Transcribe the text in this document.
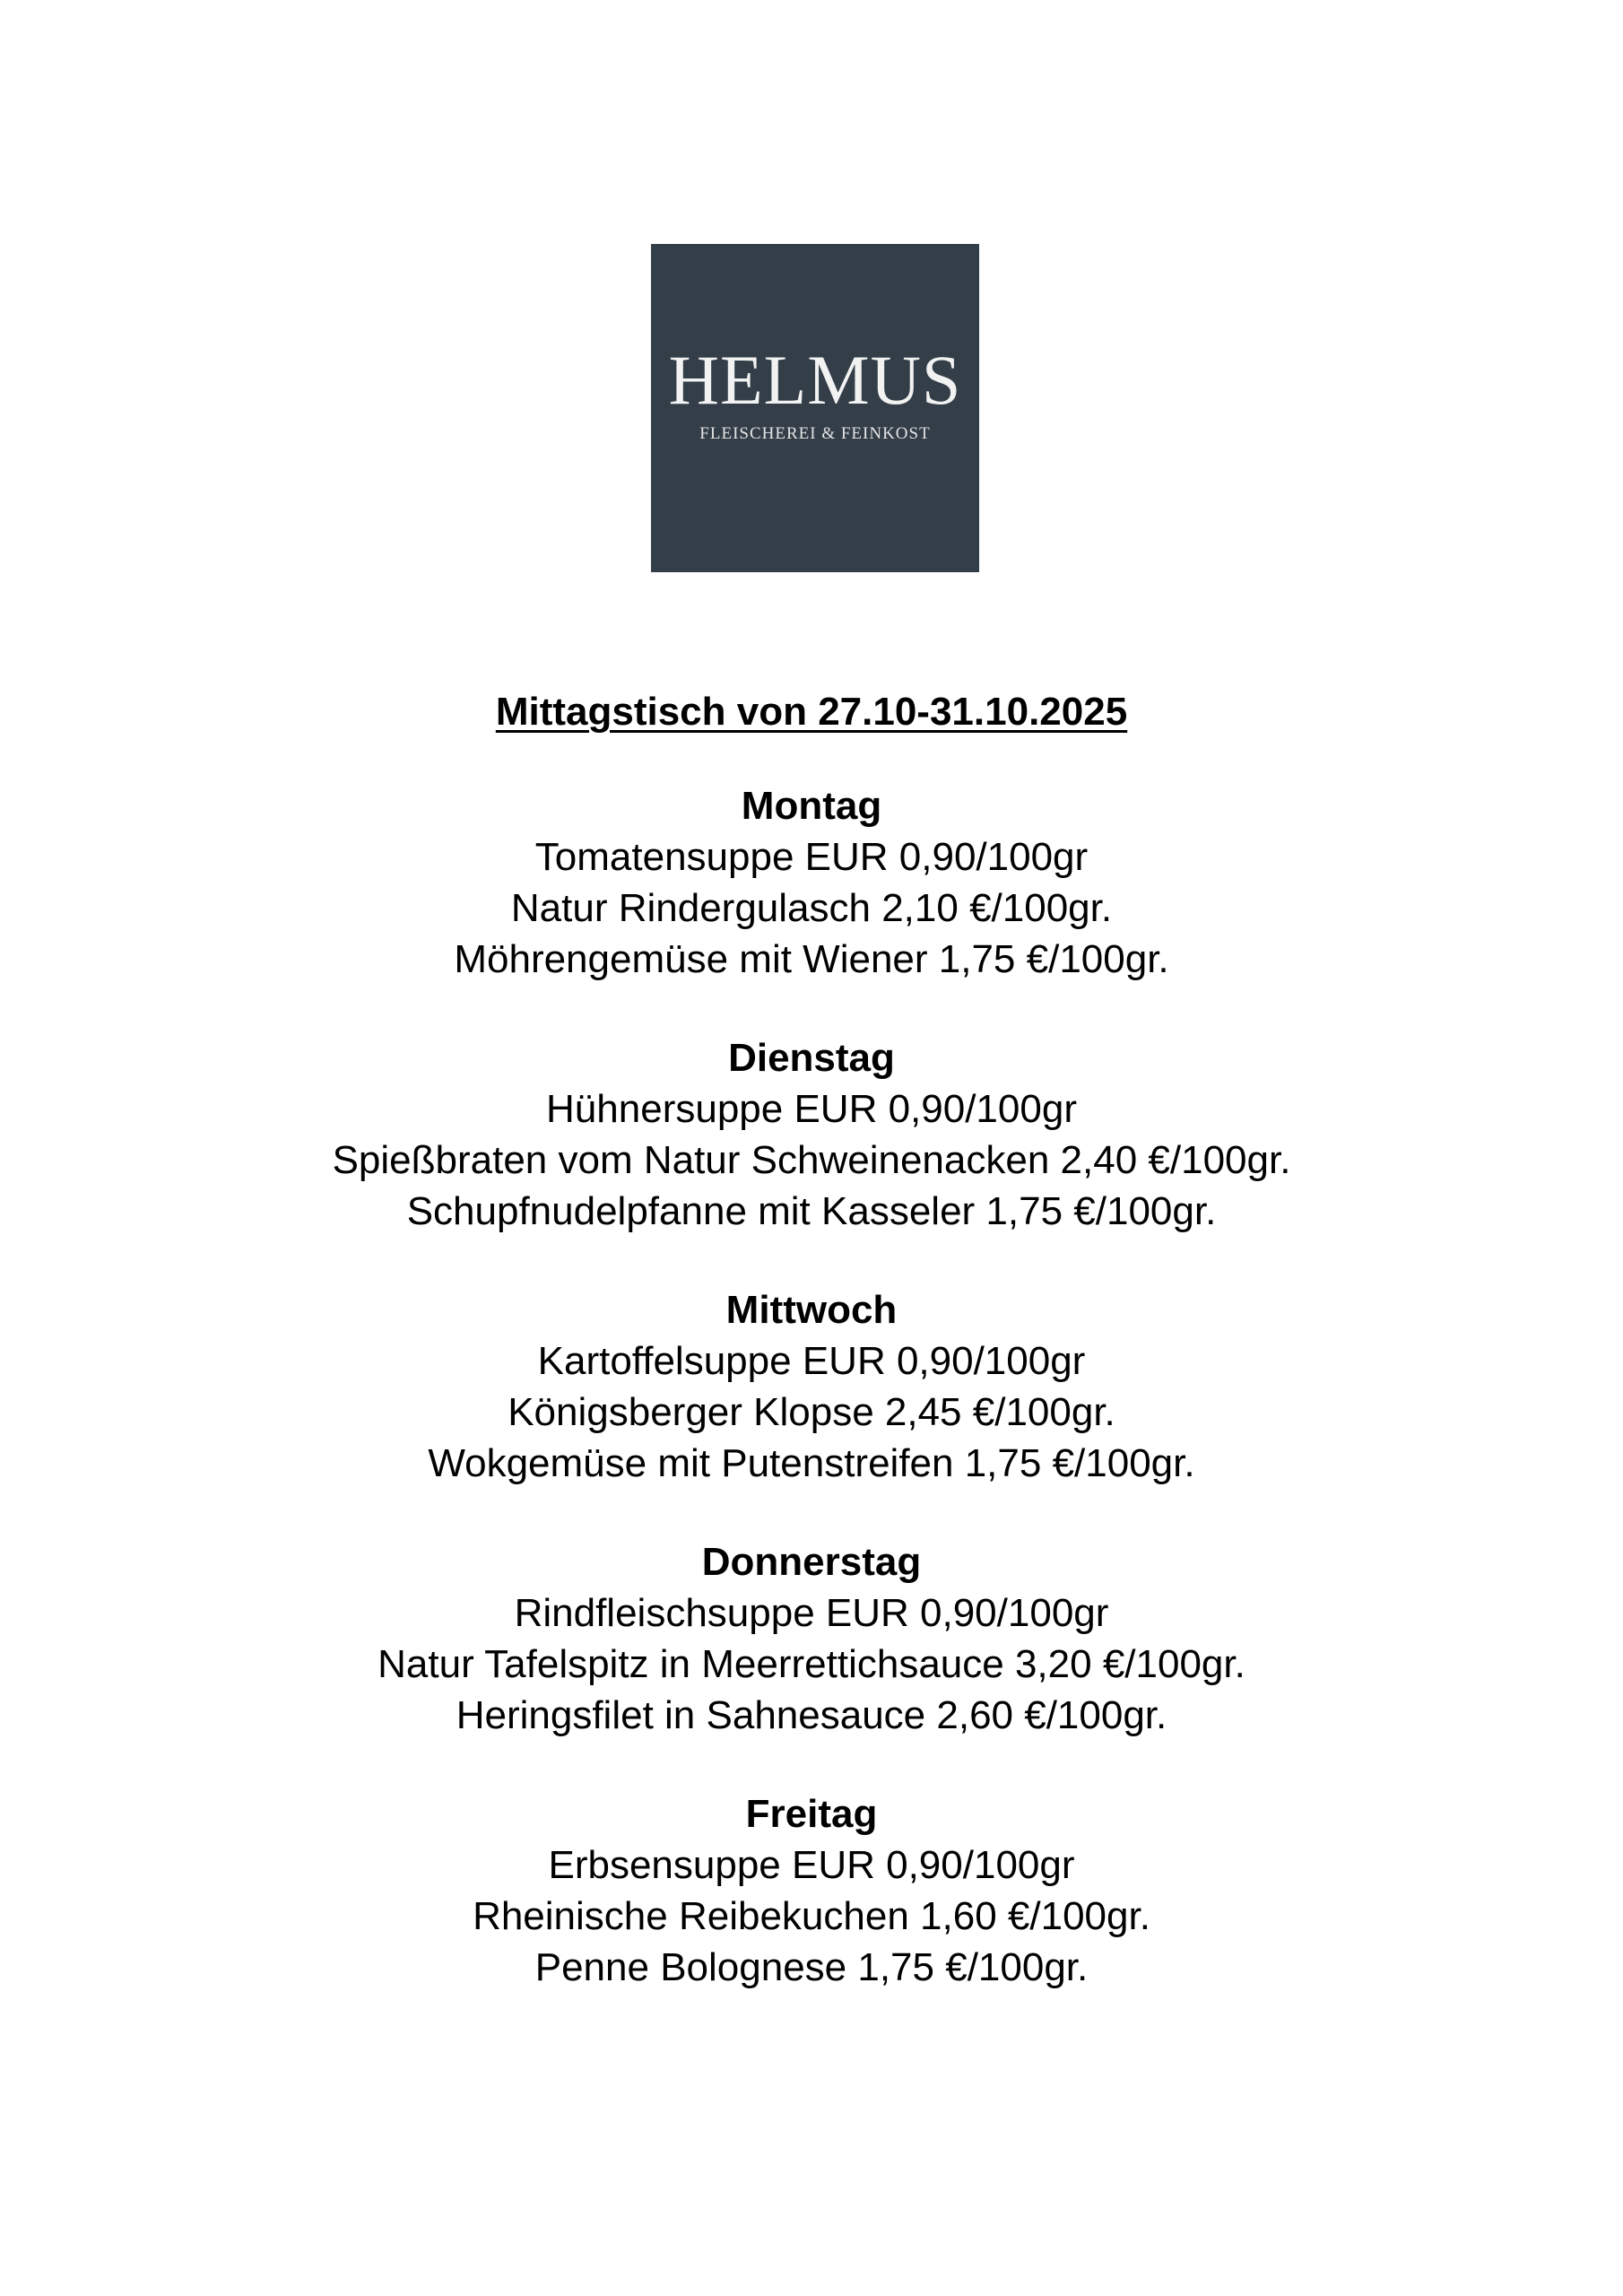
HELMUS
FLEISCHEREI & FEINKOST
Mittagstisch von 27.10-31.10.2025
Montag
Tomatensuppe EUR 0,90/100gr
Natur Rindergulasch 2,10 €/100gr.
Möhrengemüse mit Wiener 1,75 €/100gr.
Dienstag
Hühnersuppe EUR 0,90/100gr
Spießbraten vom Natur Schweinenacken 2,40 €/100gr.
Schupfnudelpfanne mit Kasseler 1,75 €/100gr.
Mittwoch
Kartoffelsuppe EUR 0,90/100gr
Königsberger Klopse 2,45 €/100gr.
Wokgemüse mit Putenstreifen 1,75 €/100gr.
Donnerstag
Rindfleischsuppe EUR 0,90/100gr
Natur Tafelspitz in Meerrettichsauce 3,20 €/100gr.
Heringsfilet in Sahnesauce 2,60 €/100gr.
Freitag
Erbsensuppe EUR 0,90/100gr
Rheinische Reibekuchen 1,60 €/100gr.
Penne Bolognese 1,75 €/100gr.
